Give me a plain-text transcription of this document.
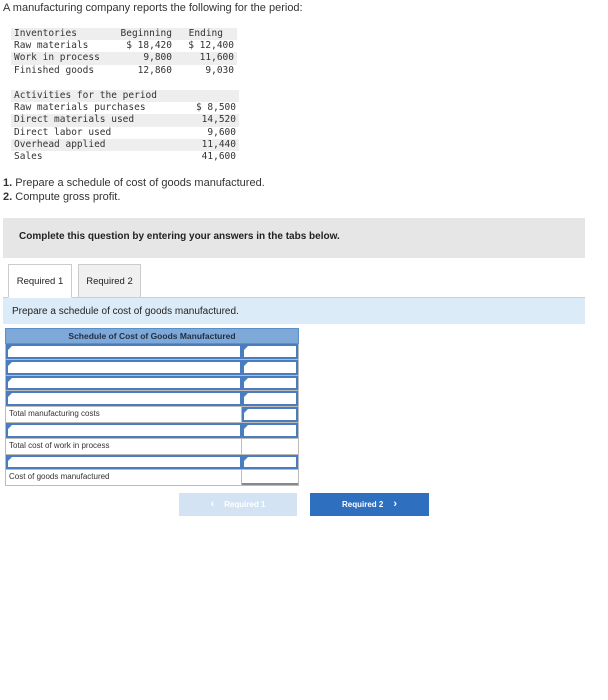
A manufacturing company reports the following for the period:
Inventories	Beginning	Ending
Raw materials	$ 18,420	$ 12,400
Work in process	9,800	11,600
Finished goods	12,860	9,030
Activities for the period	
Raw materials purchases	$ 8,500
Direct materials used	14,520
Direct labor used	9,600
Overhead applied	11,440
Sales	41,600
1. Prepare a schedule of cost of goods manufactured.
2. Compute gross profit.
Complete this question by entering your answers in the tabs below.
Required 1	Required 2
Prepare a schedule of cost of goods manufactured.
Schedule of Cost of Goods Manufactured
Total manufacturing costs
Total cost of work in process
Cost of goods manufactured
‹ Required 1	Required 2 ›
